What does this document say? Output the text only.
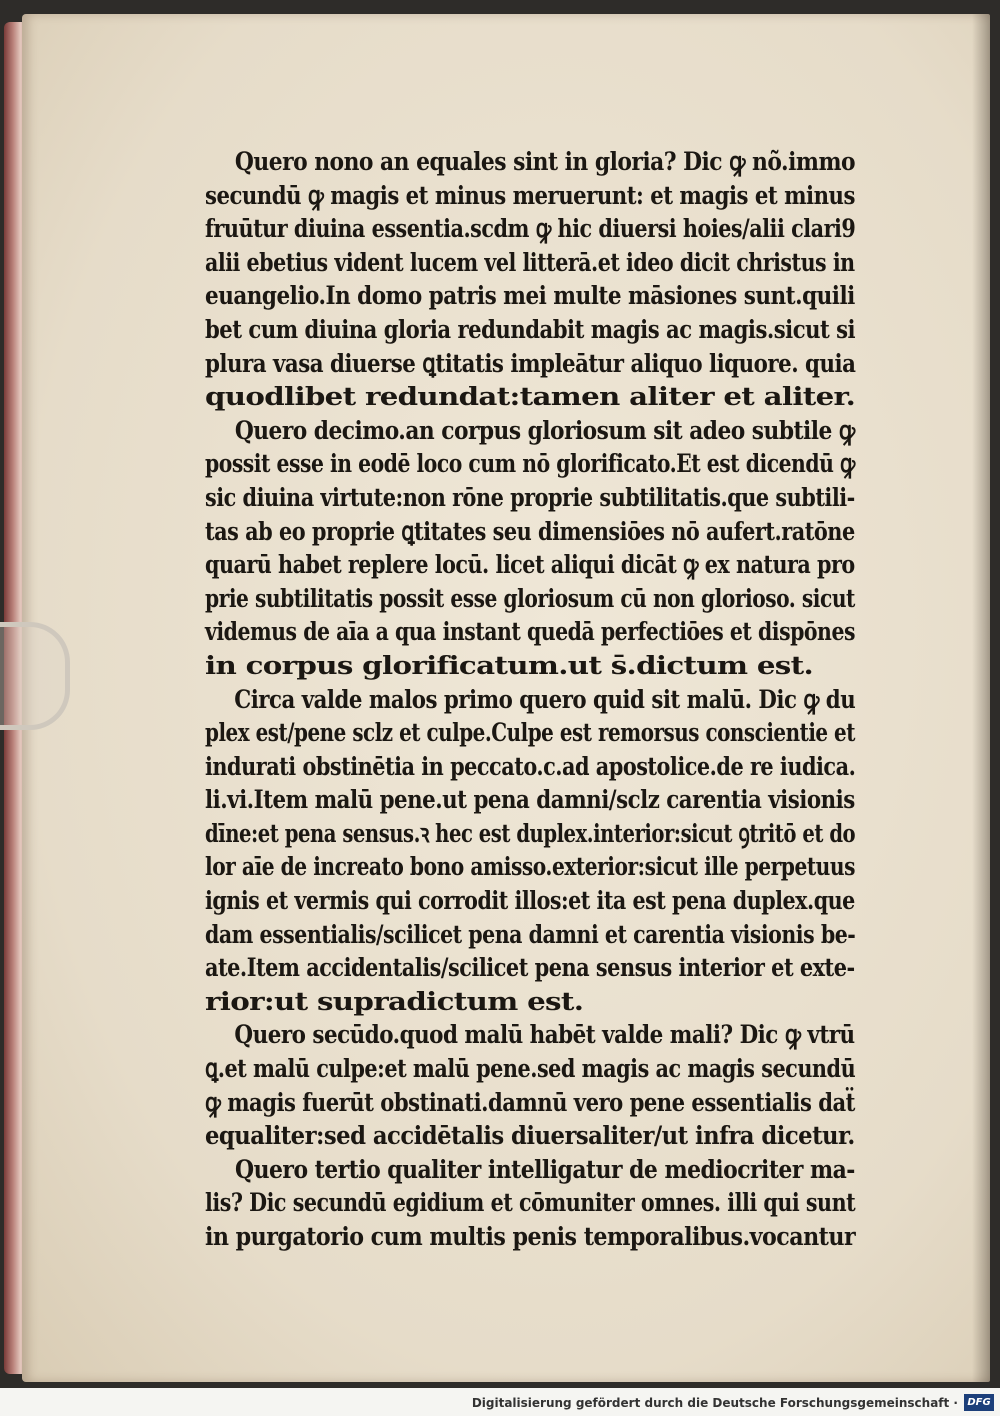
Quero nono an equales sint in gloria? Dic ꝙ nõ.immo
secundū ꝙ magis et minus meruerunt: et magis et minus
fruūtur diuina essentia.scdm ꝙ hic diuersi hoies/alii clari9
alii ebetius vident lucem vel litterā.et ideo dicit christus in
euangelio.In domo patris mei multe māsiones sunt.quili
bet cum diuina gloria redundabit magis ac magis.sicut si
plura vasa diuerse ꝗtitatis impleātur aliquo liquore. quia
quodlibet redundat:tamen aliter et aliter.
Quero decimo.an corpus gloriosum sit adeo subtile ꝙ
possit esse in eodē loco cum nō glorificato.Et est dicendū ꝙ
sic diuina virtute:non rōne proprie subtilitatis.que subtili-
tas ab eo proprie ꝗtitates seu dimensiōes nō aufert.ratōne
quarū habet replere locū. licet aliqui dicāt ꝙ ex natura pro
prie subtilitatis possit esse gloriosum cū non glorioso. sicut
videmus de aīa a qua instant quedā perfectiōes et dispōnes
in corpus glorificatum.ut s̄.dictum est.
Circa valde malos primo quero quid sit malū. Dic ꝙ du
plex est/pene sclz et culpe.Culpe est remorsus conscientie et
indurati obstinētia in peccato.c.ad apostolice.de re iudica.
li.vi.Item malū pene.ut pena damni/sclz carentia visionis
dīne:et pena sensus.ꝛ hec est duplex.interior:sicut ꝯtritō et do
lor aīe de increato bono amisso.exterior:sicut ille perpetuus
ignis et vermis qui corrodit illos:et ita est pena duplex.que
dam essentialis/scilicet pena damni et carentia visionis be-
ate.Item accidentalis/scilicet pena sensus interior et exte-
rior:ut supradictum est.
Quero secūdo.quod malū habēt valde mali? Dic ꝙ vtrū
ꝗ.et malū culpe:et malū pene.sed magis ac magis secundū
ꝙ magis fuerūt obstinati.damnū vero pene essentialis daẗ
equaliter:sed accidētalis diuersaliter/ut infra dicetur.
Quero tertio qualiter intelligatur de mediocriter ma-
lis? Dic secundū egidium et cōmuniter omnes. illi qui sunt
in purgatorio cum multis penis temporalibus.vocantur
Digitalisierung gefördert durch die Deutsche Forschungsgemeinschaft · DFG
